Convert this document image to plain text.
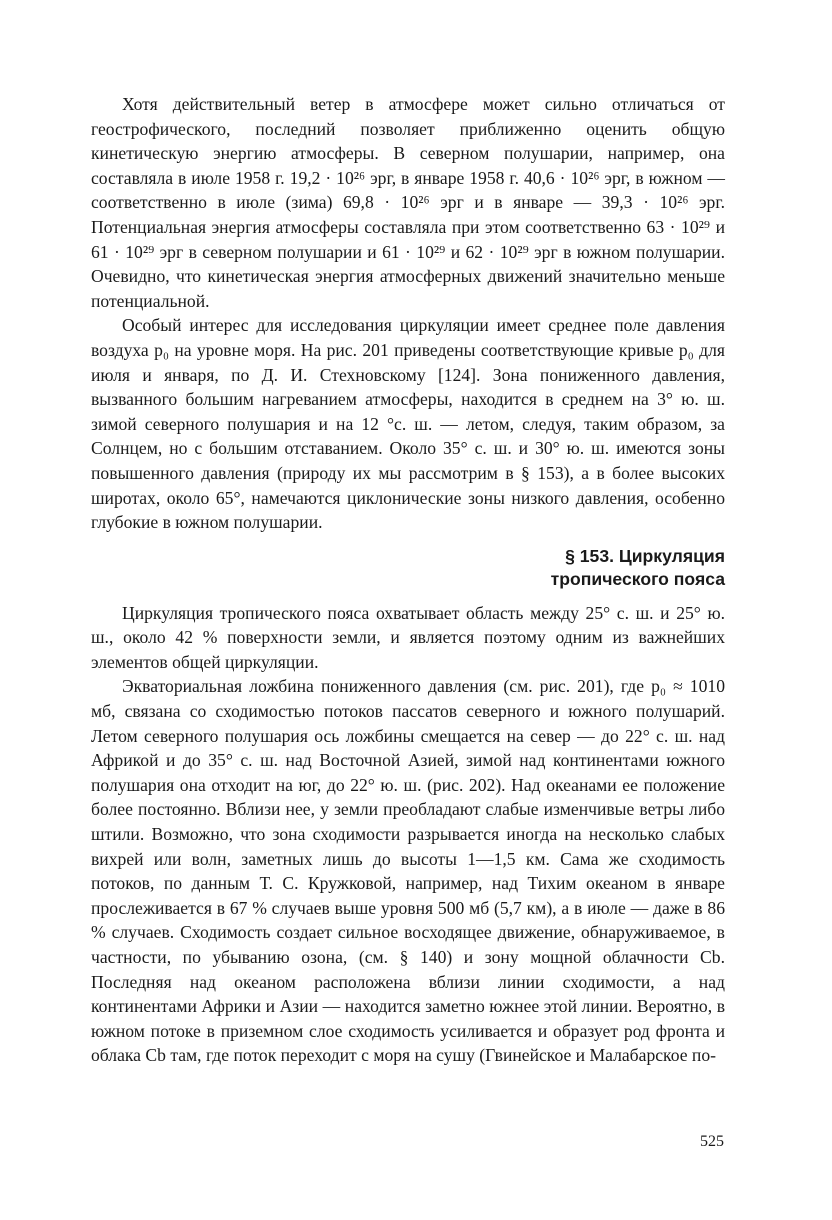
Хотя действительный ветер в атмосфере может сильно отличаться от геострофического, последний позволяет приближенно оценить общую кинетическую энергию атмосферы. В северном полушарии, например, она составляла в июле 1958 г. 19,2 · 10²⁶ эрг, в январе 1958 г. 40,6 · 10²⁶ эрг, в южном — соответственно в июле (зима) 69,8 · 10²⁶ эрг и в январе — 39,3 · 10²⁶ эрг. Потенциальная энергия атмосферы составляла при этом соответственно 63 · 10²⁹ и 61 · 10²⁹ эрг в северном полушарии и 61 · 10²⁹ и 62 · 10²⁹ эрг в южном полушарии. Очевидно, что кинетическая энергия атмосферных движений значительно меньше потенциальной.

Особый интерес для исследования циркуляции имеет среднее поле давления воздуха p₀ на уровне моря. На рис. 201 приведены соответствующие кривые p₀ для июля и января, по Д. И. Стехновскому [124]. Зона пониженного давления, вызванного большим нагреванием атмосферы, находится в среднем на 3° ю. ш. зимой северного полушария и на 12 °с. ш. — летом, следуя, таким образом, за Солнцем, но с большим отставанием. Около 35° с. ш. и 30° ю. ш. имеются зоны повышенного давления (природу их мы рассмотрим в § 153), а в более высоких широтах, около 65°, намечаются циклонические зоны низкого давления, особенно глубокие в южном полушарии.

§ 153. Циркуляция
тропического пояса

Циркуляция тропического пояса охватывает область между 25° с. ш. и 25° ю. ш., около 42 % поверхности земли, и является поэтому одним из важнейших элементов общей циркуляции.

Экваториальная ложбина пониженного давления (см. рис. 201), где p₀ ≈ 1010 мб, связана со сходимостью потоков пассатов северного и южного полушарий. Летом северного полушария ось ложбины смещается на север — до 22° с. ш. над Африкой и до 35° с. ш. над Восточной Азией, зимой над континентами южного полушария она отходит на юг, до 22° ю. ш. (рис. 202). Над океанами ее положение более постоянно. Вблизи нее, у земли преобладают слабые изменчивые ветры либо штили. Возможно, что зона сходимости разрывается иногда на несколько слабых вихрей или волн, заметных лишь до высоты 1—1,5 км. Сама же сходимость потоков, по данным Т. С. Кружковой, например, над Тихим океаном в январе прослеживается в 67 % случаев выше уровня 500 мб (5,7 км), а в июле — даже в 86 % случаев. Сходимость создает сильное восходящее движение, обнаруживаемое, в частности, по убыванию озона, (см. § 140) и зону мощной облачности Cb. Последняя над океаном расположена вблизи линии сходимости, а над континентами Африки и Азии — находится заметно южнее этой линии. Вероятно, в южном потоке в приземном слое сходимость усиливается и образует род фронта и облака Cb там, где поток переходит с моря на сушу (Гвинейское и Малабарское по-

525
